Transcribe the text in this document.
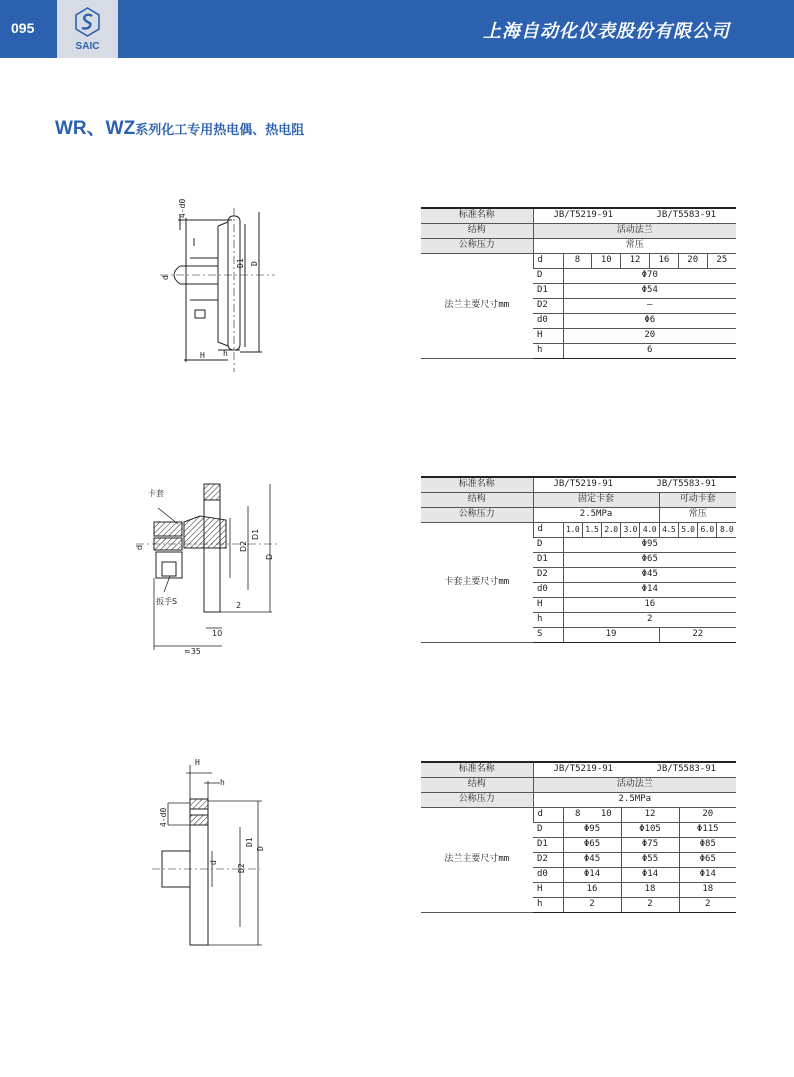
095
SAIC
上海自动化仪表股份有限公司
WR、WZ系列化工专用热电偶、热电阻
4-d0
d
D1 D
H h
卡套
扳手S
d	D2
D1
D
2
10
≈35
H
h
4-d0
d
D2
D1
D
标准名称	JB/T5219-91 JB/T5583-91						
结构	活动法兰						
公称压力	常压						
法兰主要尺寸mm	d	8	10	12	16	20	25
	D	Φ70					
	D1	Φ54					
	D2	—					
	d0	Φ6					
	H	20					
	h	6					
标准名称	JB/T5219-91 JB/T5583-91									
结构	固定卡套						可动卡套			
公称压力	2.5MPa						常压			
卡套主要尺寸mm	d	1.0	1.5	2.0	3.0	4.0	4.5	5.0	6.0	8.0
	D	Φ95								
	D1	Φ65								
	D2	Φ45								
	d0	Φ14								
	H	16								
	h	2								
	S	19					22			
标准名称	JB/T5219-91 JB/T5583-91				
结构	活动法兰				
公称压力	2.5MPa				
法兰主要尺寸mm	d	8	10	12	20
	D	Φ95		Φ105	Φ115
	D1	Φ65		Φ75	Φ85
	D2	Φ45		Φ55	Φ65
	d0	Φ14		Φ14	Φ14
	H	16		18	18
	h	2		2	2
